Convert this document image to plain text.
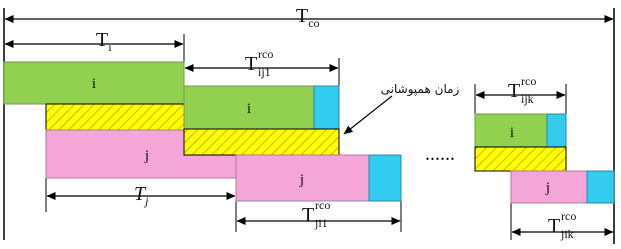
i
j
i
j
i
j
......
زمان همپوشانی
$T_{co}$
$T_i$
$T_j$
T rco
ij1
T rco
ji1
T rco
ijk
T rco
jik
